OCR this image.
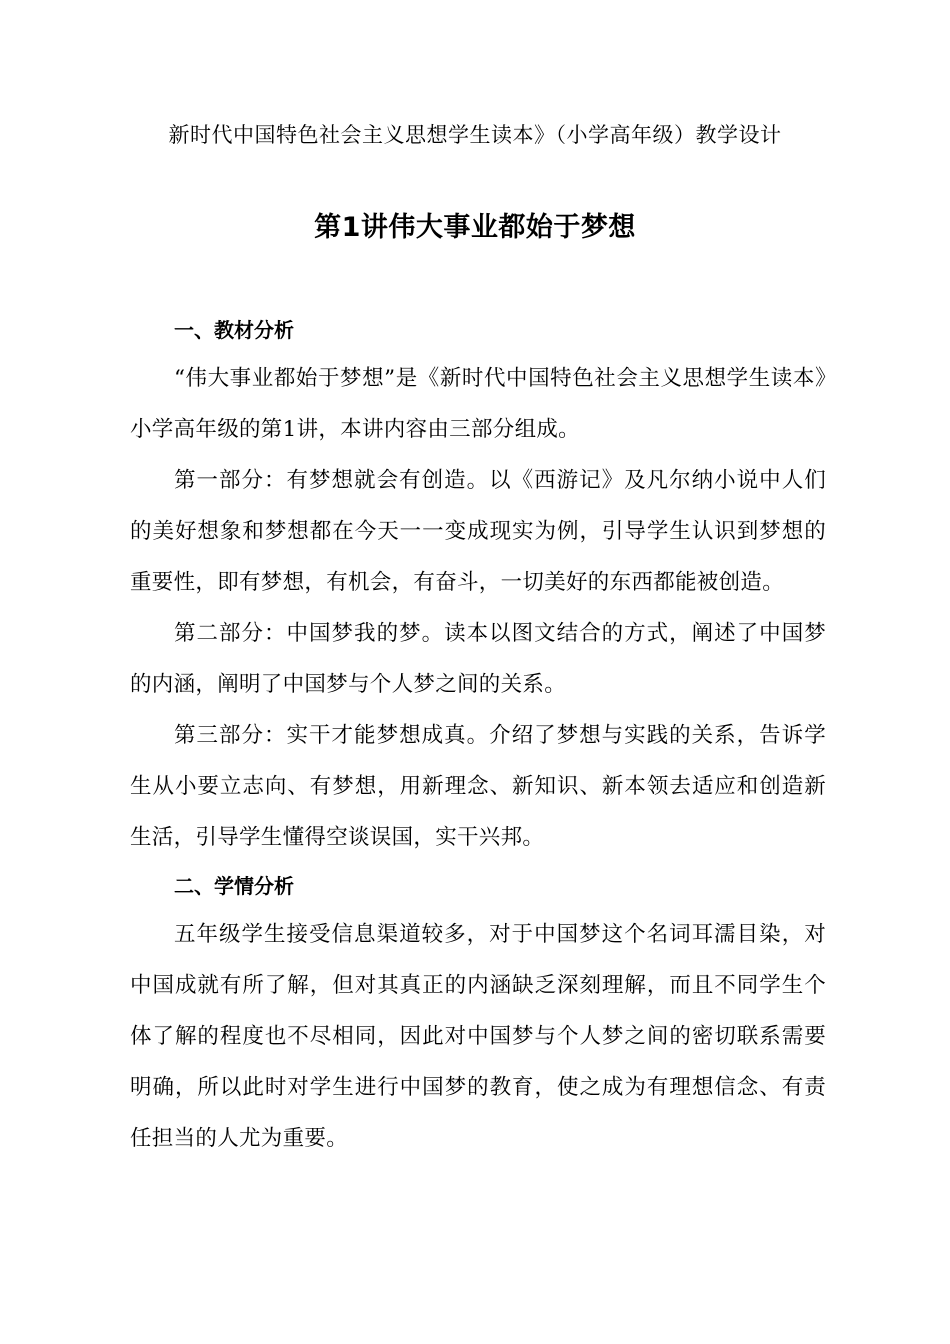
新时代中国特色社会主义思想学生读本》（小学高年级）教学设计
第1讲伟大事业都始于梦想
一、教材分析

“伟大事业都始于梦想”是《新时代中国特色社会主义思想学生读本》小学高年级的第1讲，本讲内容由三部分组成。

第一部分：有梦想就会有创造。以《西游记》及凡尔纳小说中人们的美好想象和梦想都在今天一一变成现实为例，引导学生认识到梦想的重要性，即有梦想，有机会，有奋斗，一切美好的东西都能被创造。

第二部分：中国梦我的梦。读本以图文结合的方式，阐述了中国梦的内涵，阐明了中国梦与个人梦之间的关系。

第三部分：实干才能梦想成真。介绍了梦想与实践的关系，告诉学生从小要立志向、有梦想，用新理念、新知识、新本领去适应和创造新生活，引导学生懂得空谈误国，实干兴邦。

二、学情分析

五年级学生接受信息渠道较多，对于中国梦这个名词耳濡目染，对中国成就有所了解，但对其真正的内涵缺乏深刻理解，而且不同学生个体了解的程度也不尽相同，因此对中国梦与个人梦之间的密切联系需要明确，所以此时对学生进行中国梦的教育，使之成为有理想信念、有责任担当的人尤为重要。
